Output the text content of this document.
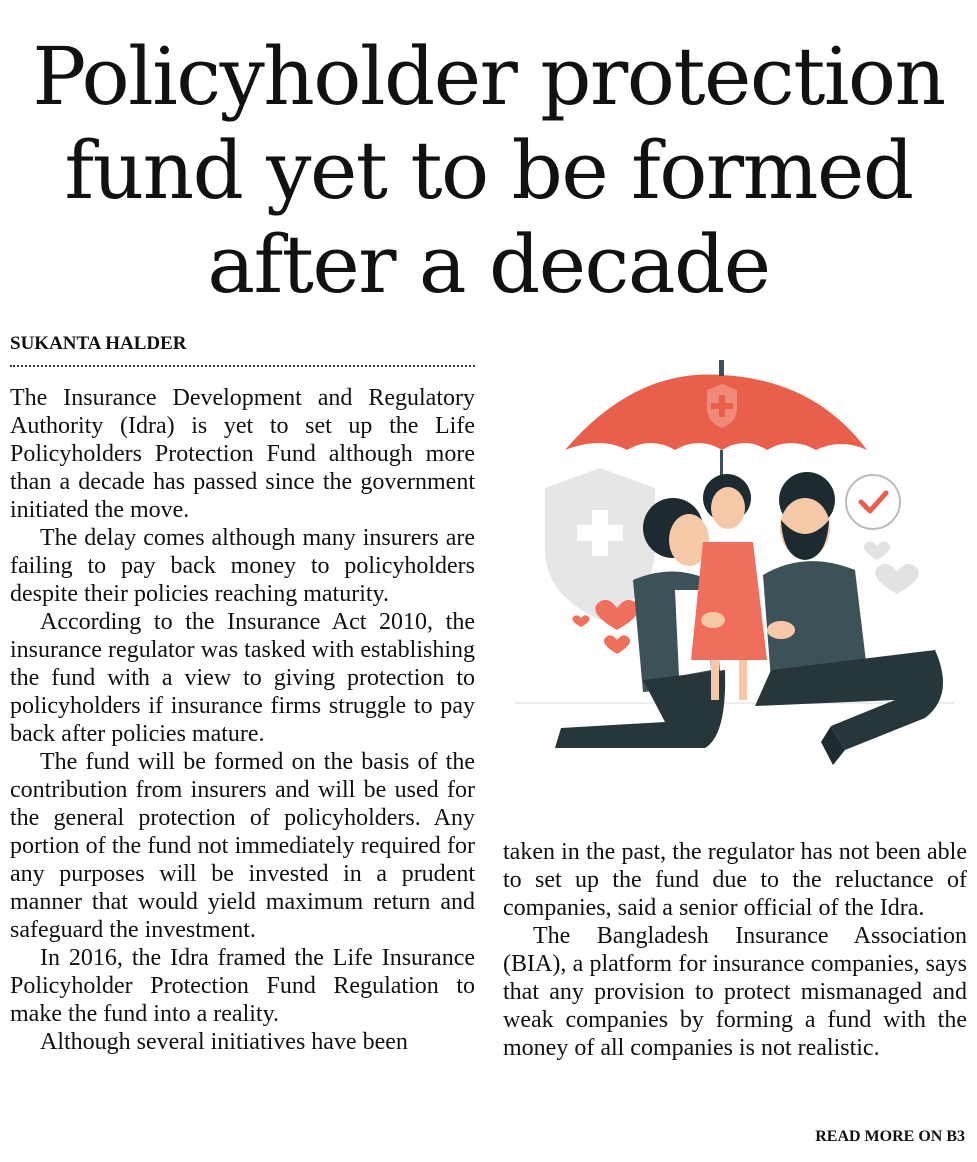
Policyholder protection
fund yet to be formed
after a decade
SUKANTA HALDER

The Insurance Development and Regulatory Authority (Idra) is yet to set up the Life Policyholders Protection Fund although more than a decade has passed since the government initiated the move.

The delay comes although many insurers are failing to pay back money to policyholders despite their policies reaching maturity.

According to the Insurance Act 2010, the insurance regulator was tasked with establishing the fund with a view to giving protection to policyholders if insurance firms struggle to pay back after policies mature.

The fund will be formed on the basis of the contribution from insurers and will be used for the general protection of policyholders. Any portion of the fund not immediately required for any purposes will be invested in a prudent manner that would yield maximum return and safeguard the investment.

In 2016, the Idra framed the Life Insurance Policyholder Protection Fund Regulation to make the fund into a reality.

Although several initiatives have been

taken in the past, the regulator has not been able to set up the fund due to the reluctance of companies, said a senior official of the Idra.

The Bangladesh Insurance Association (BIA), a platform for insurance companies, says that any provision to protect mismanaged and weak companies by forming a fund with the money of all companies is not realistic.

READ MORE ON B3
